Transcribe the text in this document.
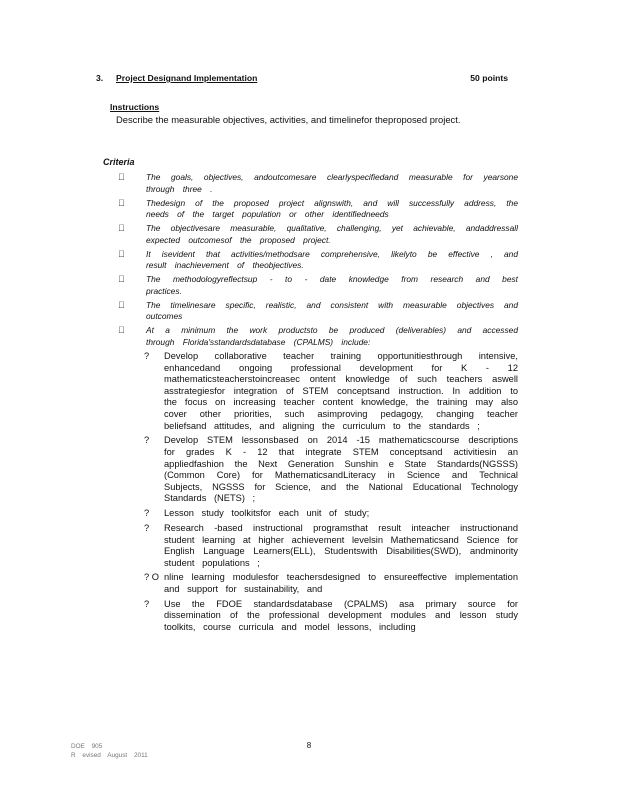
3.	Project Designand Implementation	50 points
Instructions
Describe the measurable objectives, activities, and timelinefor theproposed project.
Criteria
The goals, objectives, andoutcomesare clearlyspecifiedand measurable for yearsone through three .
Thedesign of the proposed project alignswith, and will successfully address, the needs of the target population or other identifiedneeds
The objectivesare measurable, qualitative, challenging, yet achievable, andaddressall expected outcomesof the proposed project.
It isevident that activities/methodsare comprehensive, likelyto be effective , and result inachievement of theobjectives.
The methodologyreflectsup - to - date knowledge from research and best practices.
The timelinesare specific, realistic, and consistent with measurable objectives and outcomes
At a minimum the work productsto be produced (deliverables) and accessed through Florida'sstandardsdatabase (CPALMS) include:
?	Develop collaborative teacher training opportunitiesthrough intensive, enhancedand ongoing professional development for K - 12 mathematicsteacherstoincreasec ontent knowledge of such teachers aswell asstrategiesfor integration of STEM conceptsand instruction. In addition to the focus on increasing teacher content knowledge, the training may also cover other priorities, such asimproving pedagogy, changing teacher beliefsand attitudes, and aligning the curriculum to the standards ;
?	Develop STEM lessonsbased on 2014 -15 mathematicscourse descriptions for grades K - 12 that integrate STEM conceptsand activitiesin an appliedfashion the Next Generation Sunshin e State Standards(NGSSS) (Common Core) for MathematicsandLiteracy in Science and Technical Subjects, NGSSS for Science, and the National Educational Technology Standards (NETS) ;
?	Lesson study toolkitsfor each unit of study;
?	Research -based instructional programsthat result inteacher instructionand student learning at higher achievement levelsin Mathematicsand Science for English Language Learners(ELL), Studentswith Disabilities(SWD), andminority student populations ;
? O nline learning modulesfor teachersdesigned to ensureeffective implementation and support for sustainability, and
?	Use the FDOE standardsdatabase (CPALMS) asa primary source for dissemination of the professional development modules and lesson study toolkits, course curricula and model lessons, including
DOE 905
R evised August 2011
8
